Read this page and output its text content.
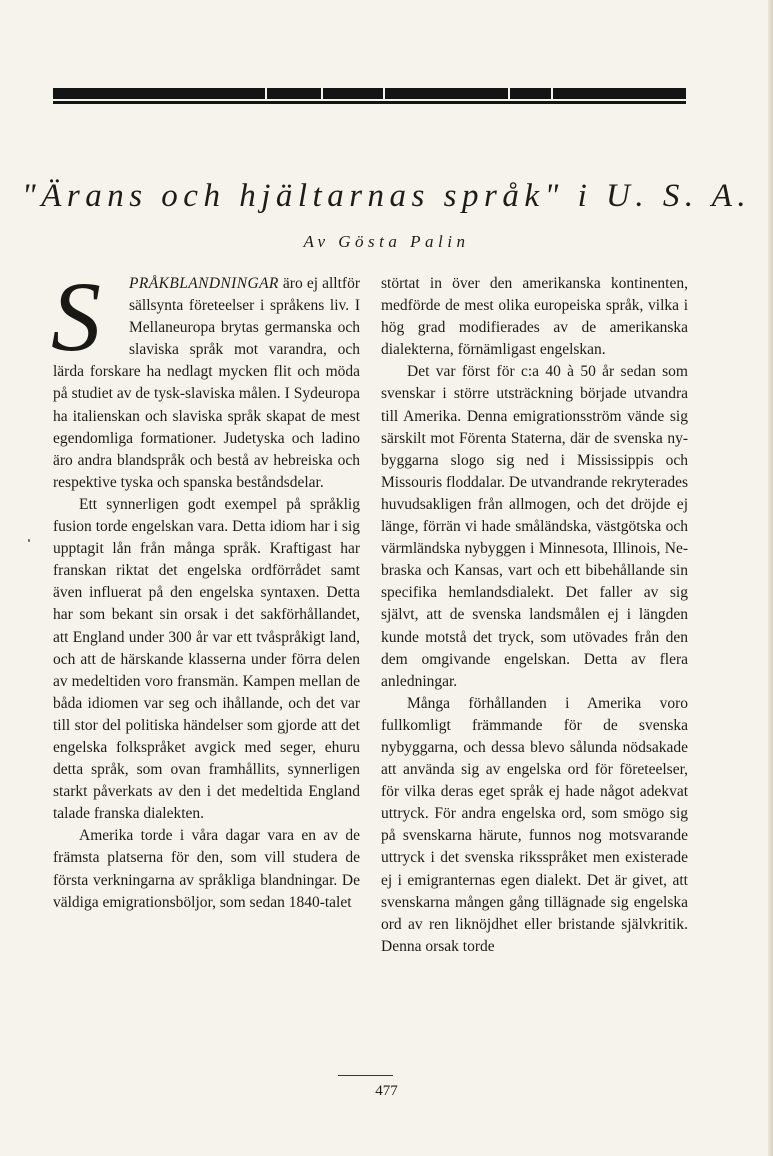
"Ärans och hjältarnas språk" i U. S. A.
Av Gösta Palin

S	PRÅKBLANDNINGAR äro ej alltför sällsynta företeelser i språkens liv. I Mellaneuropa brytas germanska och slaviska språk mot varandra, och lärda forskare ha nedlagt mycken flit och möda på studiet av de tysk-slaviska målen. I Sydeuropa ha italienskan och slaviska språk skapat de mest egendomliga formationer. Judetyska och ladino äro andra blandspråk och bestå av hebreiska och respektive tyska och spanska beståndsdelar.

Ett synnerligen godt exempel på språklig fusion torde engelskan vara. Detta idiom har i sig upptagit lån från många språk. Kraftigast har franskan riktat det engelska ordförrådet samt även influerat på den engelska syntaxen. Detta har som bekant sin orsak i det sakförhållandet, att England under 300 år var ett tvåspråkigt land, och att de härskande klasserna under förra delen av medeltiden voro fransmän. Kampen mellan de båda idiomen var seg och ihållande, och det var till stor del politiska händelser som gjorde att det engelska folkspråket avgick med seger, ehuru detta språk, som ovan framhållits, synnerligen starkt påverkats av den i det medeltida England talade franska dialekten.

Amerika torde i våra dagar vara en av de främsta platserna för den, som vill studera de första verkningarna av språkliga blandningar. De väldiga emigrationsböljor, som sedan 1840-talet

störtat in över den amerikanska kontinenten, medförde de mest olika europeiska språk, vilka i hög grad modifierades av de amerikanska dialekterna, förnämligast engelskan.

Det var först för c:a 40 à 50 år sedan som svenskar i större utsträckning började utvandra till Amerika. Denna emigrationsström vände sig särskilt mot Förenta Staterna, där de svenska nybyggarna slogo sig ned i Mississippis och Missouris floddalar. De utvandrande rekryterades huvudsakligen från allmogen, och det dröjde ej länge, förrän vi hade småländska, västgötska och värmländska nybyggen i Minnesota, Illinois, Nebraska och Kansas, vart och ett bibehållande sin specifika hemlandsdialekt. Det faller av sig självt, att de svenska landsmålen ej i längden kunde motstå det tryck, som utövades från den dem omgivande engelskan. Detta av flera anledningar.

Många förhållanden i Amerika voro fullkomligt främmande för de svenska nybyggarna, och dessa blevo sålunda nödsakade att använda sig av engelska ord för företeelser, för vilka deras eget språk ej hade något adekvat uttryck. För andra engelska ord, som smögo sig på svenskarna härute, funnos nog motsvarande uttryck i det svenska riksspråket men existerade ej i emigranternas egen dialekt. Det är givet, att svenskarna mången gång tillägnade sig engelska ord av ren liknöjdhet eller bristande självkritik. Denna orsak torde

477
